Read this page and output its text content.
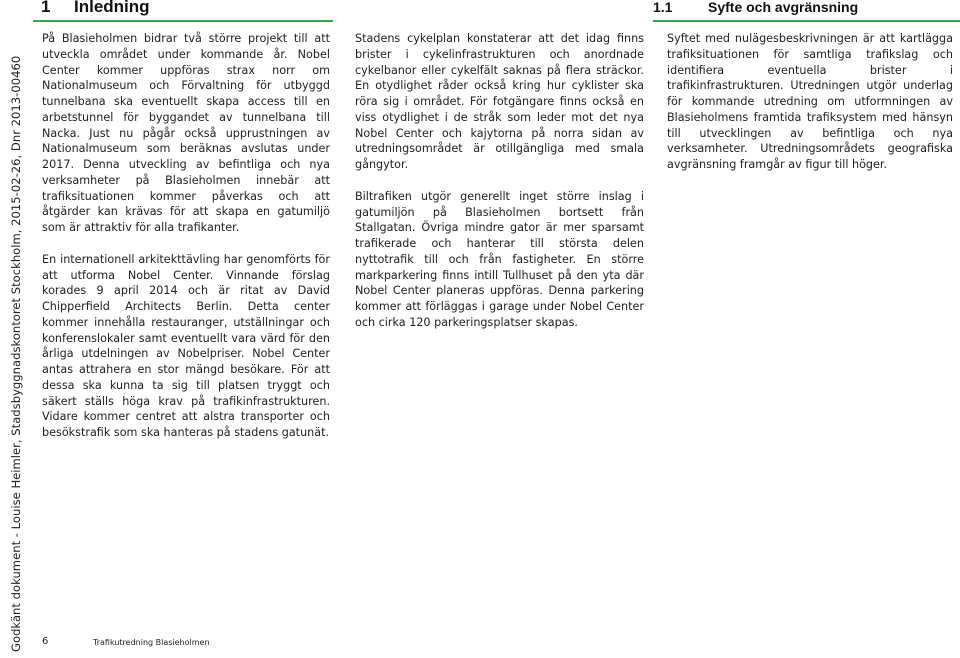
1 Inledning
Godkänt dokument - Louise Heimler, Stadsbyggnadskontoret Stockholm, 2015-02-26, Dnr 2013-00460

På Blasieholmen bidrar två större projekt till att utveckla området under kommande år. Nobel Center kommer uppföras strax norr om Nationalmuseum och Förvaltning för utbyggd tunnelbana ska eventuellt skapa access till en arbetstunnel för byggandet av tunnelbana till Nacka. Just nu pågår också upprustningen av Nationalmuseum som beräknas avslutas under 2017. Denna utveckling av befintliga och nya verksamheter på Blasieholmen innebär att trafiksituationen kommer påverkas och att åtgärder kan krävas för att skapa en gatumiljö som är attraktiv för alla trafikanter.

En internationell arkitekttävling har genomförts för att utforma Nobel Center. Vinnande förslag korades 9 april 2014 och är ritat av David Chipperfield Architects Berlin. Detta center kommer innehålla restauranger, utställningar och konferenslokaler samt eventuellt vara värd för den årliga utdelningen av Nobelpriser. Nobel Center antas attrahera en stor mängd besökare. För att dessa ska kunna ta sig till platsen tryggt och säkert ställs höga krav på trafikinfrastrukturen. Vidare kommer centret att alstra transporter och besökstrafik som ska hanteras på stadens gatunät.

Stadens cykelplan konstaterar att det idag finns brister i cykelinfrastrukturen och anordnade cykelbanor eller cykelfält saknas på flera sträckor. En otydlighet råder också kring hur cyklister ska röra sig i området. För fotgängare finns också en viss otydlighet i de stråk som leder mot det nya Nobel Center och kajytorna på norra sidan av utredningsområdet är otillgängliga med smala gångytor.

Biltrafiken utgör generellt inget större inslag i gatumiljön på Blasieholmen bortsett från Stallgatan. Övriga mindre gator är mer sparsamt trafikerade och hanterar till största delen nyttotrafik till och från fastigheter. En större markparkering finns intill Tullhuset på den yta där Nobel Center planeras uppföras. Denna parkering kommer att förläggas i garage under Nobel Center och cirka 120 parkeringsplatser skapas.

6	Trafikutredning Blasieholmen
1.1	Syfte och avgränsning

Syftet med nulägesbeskrivningen är att kartlägga trafiksituationen för samtliga trafikslag och identifiera eventuella brister i trafikinfrastrukturen. Utredningen utgör underlag för kommande utredning om utformningen av Blasieholmens framtida trafiksystem med hänsyn till utvecklingen av befintliga och nya verksamheter. Utredningsområdets geografiska avgränsning framgår av figur till höger.
